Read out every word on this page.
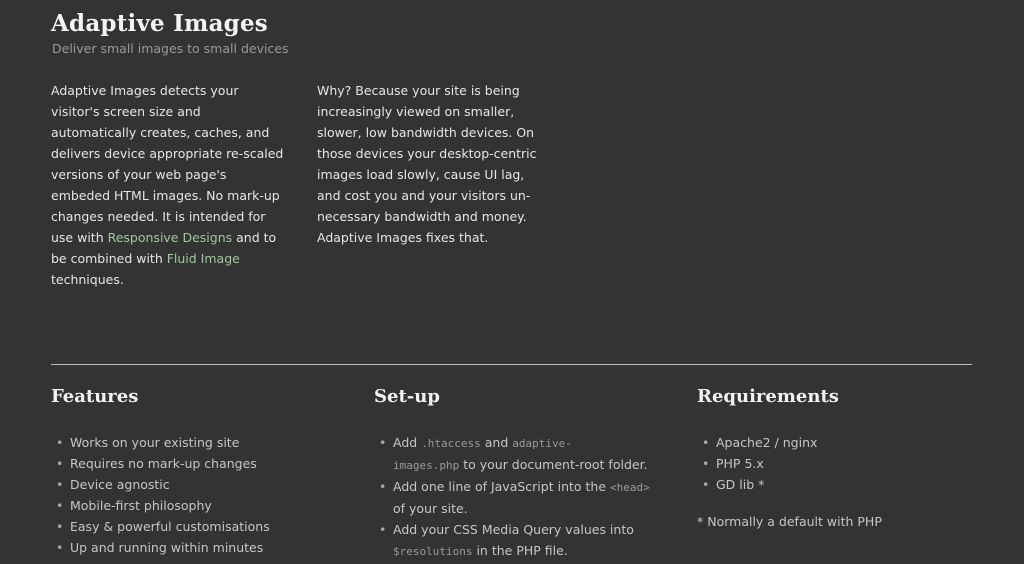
Adaptive Images

Deliver small images to small devices

Adaptive Images detects your
visitor's screen size and
automatically creates, caches, and
delivers device appropriate re-scaled
versions of your web page's
embeded HTML images. No mark-up
changes needed. It is intended for
use with Responsive Designs and to
be combined with Fluid Image
techniques.

Why? Because your site is being
increasingly viewed on smaller,
slower, low bandwidth devices. On
those devices your desktop-centric
images load slowly, cause UI lag,
and cost you and your visitors un-
necessary bandwidth and money.
Adaptive Images fixes that.

Features
• Works on your existing site
• Requires no mark-up changes
• Device agnostic
• Mobile-first philosophy
• Easy & powerful customisations
• Up and running within minutes
Set-up
• Add .htaccess and adaptive-
images.php to your document-root folder.
• Add one line of JavaScript into the <head>
of your site.
• Add your CSS Media Query values into
$resolutions in the PHP file.
Requirements
• Apache2 / nginx
• PHP 5.x
• GD lib *

* Normally a default with PHP
